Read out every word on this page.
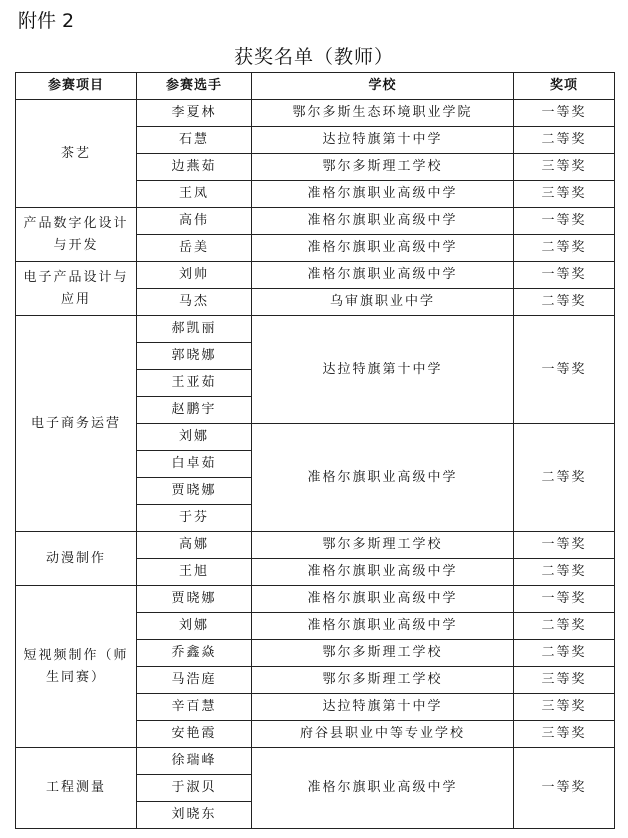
附件 2
获奖名单（教师）
参赛项目	参赛选手	学校	奖项
茶艺	李夏林	鄂尔多斯生态环境职业学院	一等奖
	石慧	达拉特旗第十中学	二等奖
	边燕茹	鄂尔多斯理工学校	三等奖
	王凤	准格尔旗职业高级中学	三等奖
产品数字化设计与开发	高伟	准格尔旗职业高级中学	一等奖
	岳美	准格尔旗职业高级中学	二等奖
电子产品设计与应用	刘帅	准格尔旗职业高级中学	一等奖
	马杰	乌审旗职业中学	二等奖
电子商务运营	郝凯丽	达拉特旗第十中学	一等奖
	郭晓娜		
	王亚茹		
	赵鹏宇		
	刘娜	准格尔旗职业高级中学	二等奖
	白卓茹		
	贾晓娜		
	于芬		
动漫制作	高娜	鄂尔多斯理工学校	一等奖
	王旭	准格尔旗职业高级中学	二等奖
短视频制作（师生同赛）	贾晓娜	准格尔旗职业高级中学	一等奖
	刘娜	准格尔旗职业高级中学	二等奖
	乔鑫焱	鄂尔多斯理工学校	二等奖
	马浩庭	鄂尔多斯理工学校	三等奖
	辛百慧	达拉特旗第十中学	三等奖
	安艳霞	府谷县职业中等专业学校	三等奖
工程测量	徐瑞峰	准格尔旗职业高级中学	一等奖
	于淑贝		
	刘晓东		
